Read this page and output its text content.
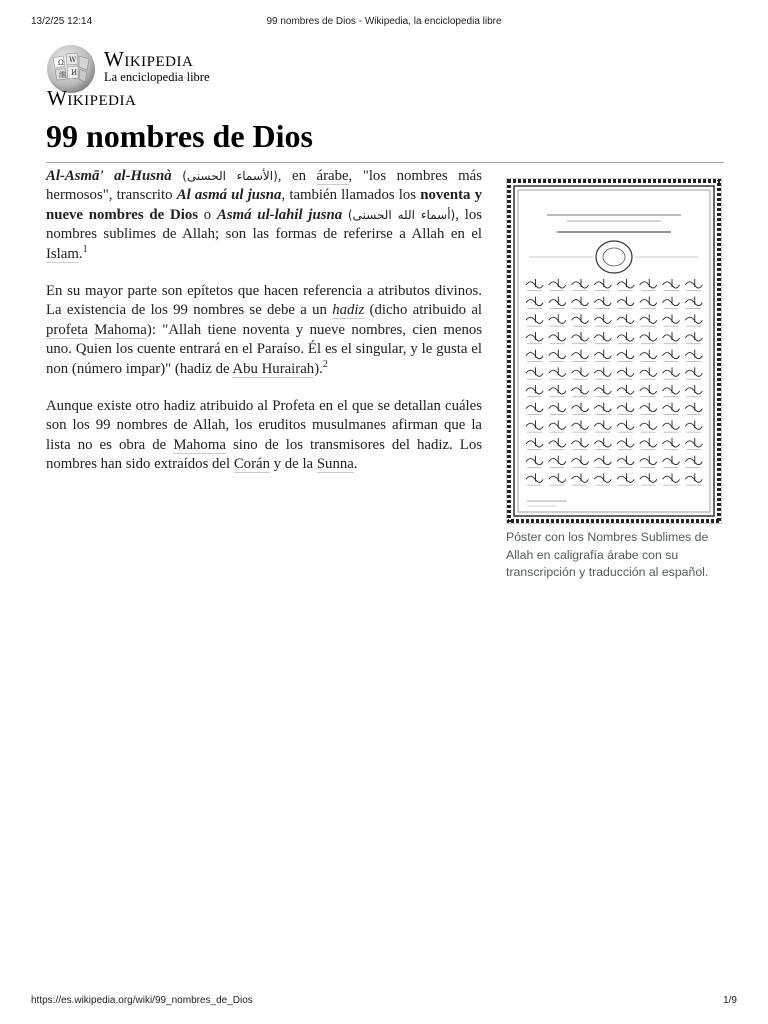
13/2/25 12:14	99 nombres de Dios - Wikipedia, la enciclopedia libre
Ω W
И
維
Wikipedia
La enciclopedia libre
Wikipedia
99 nombres de Dios

Al-Asmā' al-Husnà (الأسماء الحسنى), en árabe, "los nombres más hermosos", transcrito Al asmá ul jusna, también llamados los noventa y nueve nombres de Dios o Asmá ul-lahil jusna (أسماء الله الحسنى), los nombres sublimes de Allah; son las formas de referirse a Allah en el Islam.$^1$

En su mayor parte son epítetos que hacen referencia a atributos divinos. La existencia de los 99 nombres se debe a un hadiz (dicho atribuido al profeta Mahoma): "Allah tiene noventa y nueve nombres, cien menos uno. Quien los cuente entrará en el Paraíso. Él es el singular, y le gusta el non (número impar)" (hadiz de Abu Hurairah).$^2$

Aunque existe otro hadiz atribuido al Profeta en el que se detallan cuáles son los 99 nombres de Allah, los eruditos musulmanes afirman que la lista no es obra de Mahoma sino de los transmisores del hadiz. Los nombres han sido extraídos del Corán y de la Sunna.

Póster con los Nombres Sublimes de Allah en caligrafía árabe con su transcripción y traducción al español.
https://es.wikipedia.org/wiki/99_nombres_de_Dios	1/9
